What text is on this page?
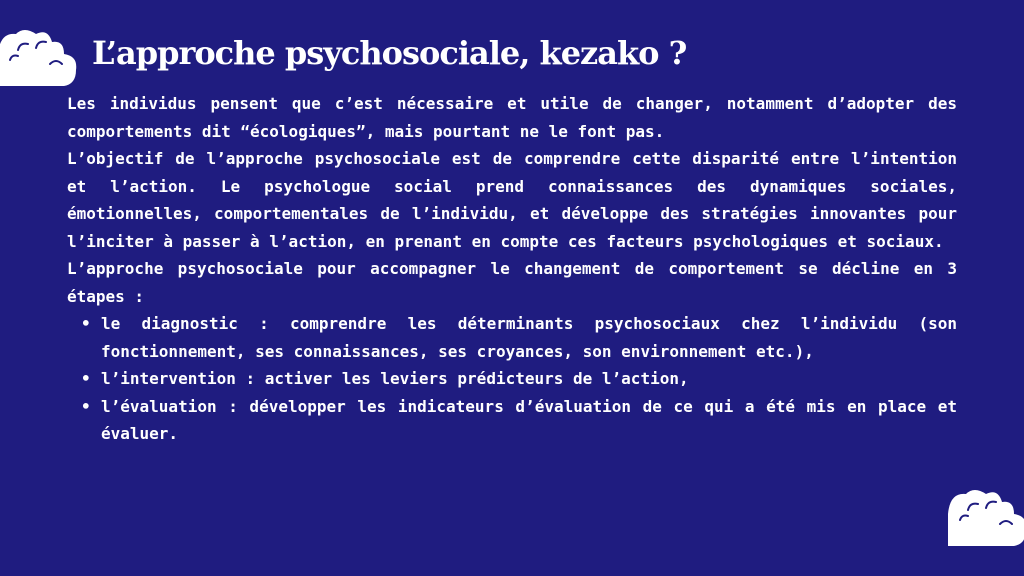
L’approche psychosociale, kezako ?

Les individus pensent que c’est nécessaire et utile de changer, notamment d’adopter des comportements dit “écologiques”, mais pourtant ne le font pas.

L’objectif de l’approche psychosociale est de comprendre cette disparité entre l’intention et l’action. Le psychologue social prend connaissances des dynamiques sociales, émotionnelles, comportementales de l’individu, et développe des stratégies innovantes pour l’inciter à passer à l’action, en prenant en compte ces facteurs psychologiques et sociaux.

L’approche psychosociale pour accompagner le changement de comportement se décline en 3 étapes :

• le diagnostic : comprendre les déterminants psychosociaux chez l’individu (son fonctionnement, ses connaissances, ses croyances, son environnement etc.),
• l’intervention : activer les leviers prédicteurs de l’action,
• l’évaluation : développer les indicateurs d’évaluation de ce qui a été mis en place et évaluer.
